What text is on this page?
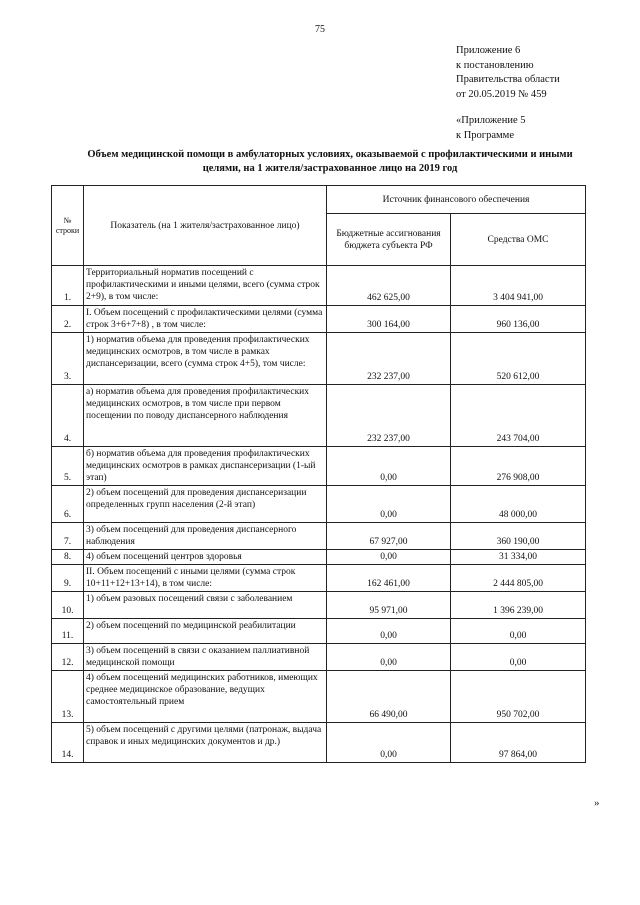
75
Приложение 6
к постановлению
Правительства области
от 20.05.2019 № 459
«Приложение 5
к Программе
Объем медицинской помощи в амбулаторных условиях, оказываемой с профилактическими и иными
целями, на 1 жителя/застрахованное лицо на 2019 год
№ строки	Показатель (на 1 жителя/застрахованное лицо)	Источник финансового обеспечения	
		Бюджетные ассигнования бюджета субъекта РФ	Средства ОМС
1.	Территориальный норматив посещений с профилактическими и иными целями, всего (сумма строк 2+9), в том числе:	462 625,00	3 404 941,00
2.	I. Объем посещений с профилактическими целями (сумма строк 3+6+7+8) , в том числе:	300 164,00	960 136,00
3.	1) норматив объема для проведения профилактических медицинских осмотров, в том числе в рамках диспансеризации, всего (сумма строк 4+5), том числе:	232 237,00	520 612,00
4.	а) норматив объема для проведения профилактических медицинских осмотров, в том числе при первом посещении по поводу диспансерного наблюдения	232 237,00	243 704,00
5.	б) норматив объема для проведения профилактических медицинских осмотров в рамках диспансеризации (1-ый этап)	0,00	276 908,00
6.	2) объем посещений для проведения диспансеризации определенных групп населения (2-й этап)	0,00	48 000,00
7.	3) объем посещений для проведения диспансерного наблюдения	67 927,00	360 190,00
8.	4) объем посещений центров здоровья	0,00	31 334,00
9.	II. Объем посещений с иными целями (сумма строк 10+11+12+13+14), в том числе:	162 461,00	2 444 805,00
10.	1) объем разовых посещений связи с заболеванием	95 971,00	1 396 239,00
11.	2) объем посещений по медицинской реабилитации	0,00	0,00
12.	3) объем посещений в связи с оказанием паллиативной медицинской помощи	0,00	0,00
13.	4) объем посещений медицинских работников, имеющих среднее медицинское образование, ведущих самостоятельный прием	66 490,00	950 702,00
14.	5) объем посещений с другими целями (патронаж, выдача справок и иных медицинских документов и др.)	0,00	97 864,00
»
